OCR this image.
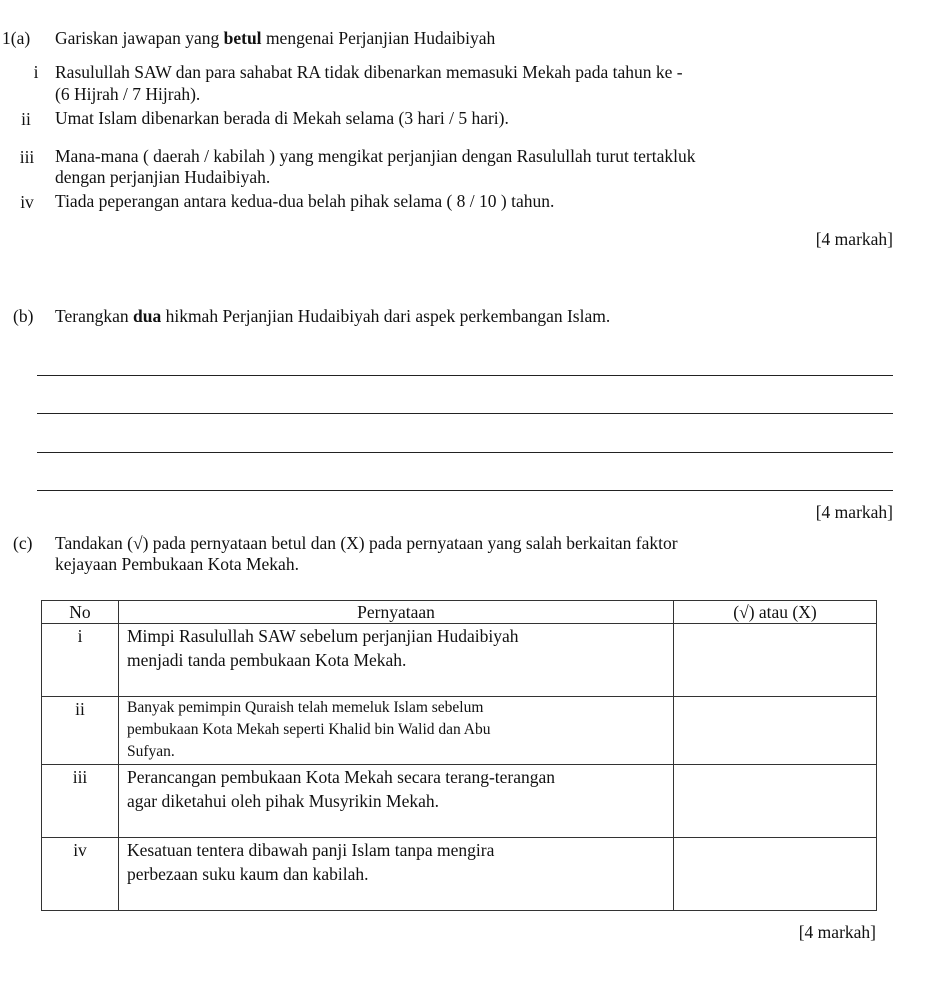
1(a) Gariskan jawapan yang betul mengenai Perjanjian Hudaibiyah
i Rasulullah SAW dan para sahabat RA tidak dibenarkan memasuki Mekah pada tahun ke -
(6 Hijrah / 7 Hijrah).
ii	Umat Islam dibenarkan berada di Mekah selama (3 hari / 5 hari).
iii	Mana-mana ( daerah / kabilah ) yang mengikat perjanjian dengan Rasulullah turut tertakluk
dengan perjanjian Hudaibiyah.
iv	Tiada peperangan antara kedua-dua belah pihak selama ( 8 / 10 ) tahun.
[4 markah]
(b) Terangkan dua hikmah Perjanjian Hudaibiyah dari aspek perkembangan Islam.
[4 markah]
(c) Tandakan (√) pada pernyataan betul dan (X) pada pernyataan yang salah berkaitan faktor
kejayaan Pembukaan Kota Mekah.
No	Pernyataan	(√) atau (X)
i	Mimpi Rasulullah SAW sebelum perjanjian Hudaibiyah
menjadi tanda pembukaan Kota Mekah.	

ii	Banyak pemimpin Quraish telah memeluk Islam sebelum
pembukaan Kota Mekah seperti Khalid bin Walid dan Abu
Sufyan.	

iii	Perancangan pembukaan Kota Mekah secara terang-terangan
agar diketahui oleh pihak Musyrikin Mekah.	

iv	Kesatuan tentera dibawah panji Islam tanpa mengira
perbezaan suku kaum dan kabilah.	

[4 markah]
